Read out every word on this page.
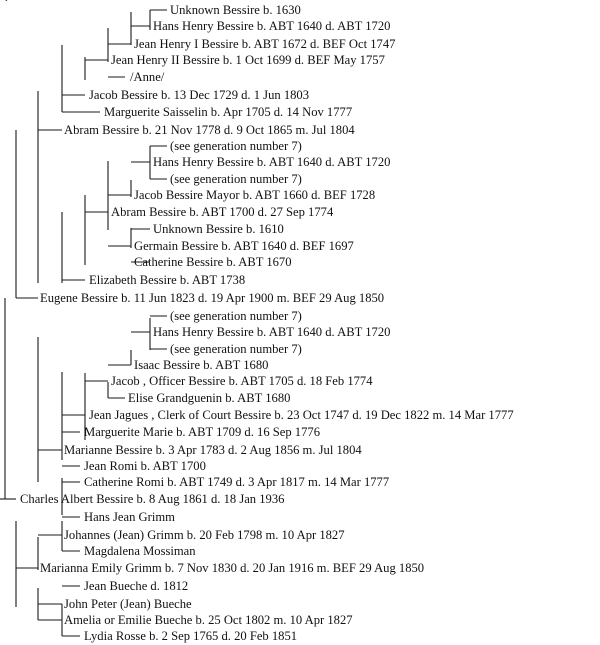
·
Unknown Bessire b. 1630
Hans Henry Bessire b. ABT 1640 d. ABT 1720
Jean Henry I Bessire b. ABT 1672 d. BEF Oct 1747
Jean Henry II Bessire b. 1 Oct 1699 d. BEF May 1757
/Anne/
Jacob Bessire b. 13 Dec 1729 d. 1 Jun 1803
Marguerite Saisselin b. Apr 1705 d. 14 Nov 1777
Abram Bessire b. 21 Nov 1778 d. 9 Oct 1865 m. Jul 1804
(see generation number 7)
Hans Henry Bessire b. ABT 1640 d. ABT 1720
(see generation number 7)
Jacob Bessire Mayor b. ABT 1660 d. BEF 1728
Abram Bessire b. ABT 1700 d. 27 Sep 1774
Unknown Bessire b. 1610
Germain Bessire b. ABT 1640 d. BEF 1697
Catherine Bessire b. ABT 1670
Elizabeth Bessire b. ABT 1738
Eugene Bessire b. 11 Jun 1823 d. 19 Apr 1900 m. BEF 29 Aug 1850
(see generation number 7)
Hans Henry Bessire b. ABT 1640 d. ABT 1720
(see generation number 7)
Isaac Bessire b. ABT 1680
Jacob , Officer Bessire b. ABT 1705 d. 18 Feb 1774
Elise Grandguenin b. ABT 1680
Jean Jagues , Clerk of Court Bessire b. 23 Oct 1747 d. 19 Dec 1822 m. 14 Mar 1777
Marguerite Marie b. ABT 1709 d. 16 Sep 1776
Marianne Bessire b. 3 Apr 1783 d. 2 Aug 1856 m. Jul 1804
Jean Romi b. ABT 1700
Catherine Romi b. ABT 1749 d. 3 Apr 1817 m. 14 Mar 1777
Charles Albert Bessire b. 8 Aug 1861 d. 18 Jan 1936
Hans Jean Grimm
Johannes (Jean) Grimm b. 20 Feb 1798 m. 10 Apr 1827
Magdalena Mossiman
Marianna Emily Grimm b. 7 Nov 1830 d. 20 Jan 1916 m. BEF 29 Aug 1850
Jean Bueche d. 1812
John Peter (Jean) Bueche
Amelia or Emilie Bueche b. 25 Oct 1802 m. 10 Apr 1827
Lydia Rosse b. 2 Sep 1765 d. 20 Feb 1851
